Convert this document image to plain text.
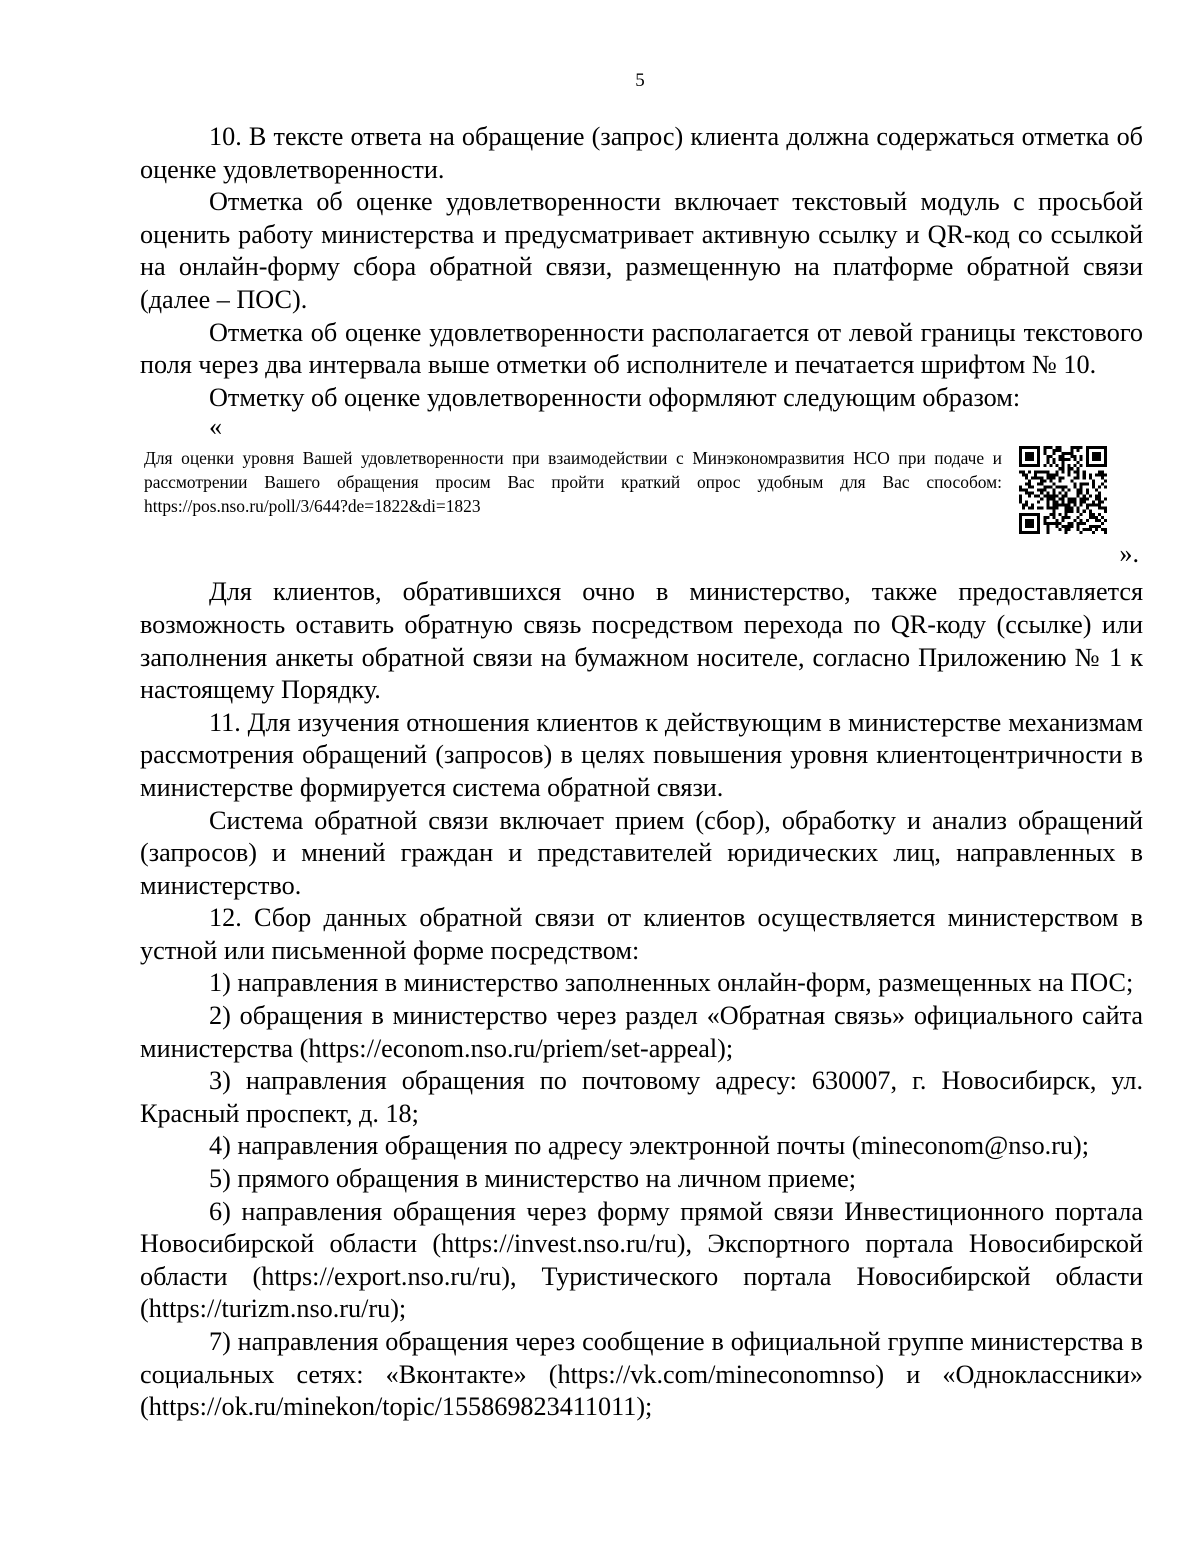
5

10. В тексте ответа на обращение (запрос) клиента должна содержаться отметка об оценке удовлетворенности.

Отметка об оценке удовлетворенности включает текстовый модуль с просьбой оценить работу министерства и предусматривает активную ссылку и QR-код со ссылкой на онлайн-форму сбора обратной связи, размещенную на платформе обратной связи (далее – ПОС).

Отметка об оценке удовлетворенности располагается от левой границы текстового поля через два интервала выше отметки об исполнителе и печатается шрифтом № 10.

Отметку об оценке удовлетворенности оформляют следующим образом:

«

Для оценки уровня Вашей удовлетворенности при взаимодействии с Минэкономразвития НСО при подаче и рассмотрении Вашего обращения просим Вас пройти краткий опрос удобным для Вас способом: https://pos.nso.ru/poll/3/644?de=1822&di=1823

».

Для клиентов, обратившихся очно в министерство, также предоставляется возможность оставить обратную связь посредством перехода по QR-коду (ссылке) или заполнения анкеты обратной связи на бумажном носителе, согласно Приложению № 1 к настоящему Порядку.

11. Для изучения отношения клиентов к действующим в министерстве механизмам рассмотрения обращений (запросов) в целях повышения уровня клиентоцентричности в министерстве формируется система обратной связи.

Система обратной связи включает прием (сбор), обработку и анализ обращений (запросов) и мнений граждан и представителей юридических лиц, направленных в министерство.

12. Сбор данных обратной связи от клиентов осуществляется министерством в устной или письменной форме посредством:

1) направления в министерство заполненных онлайн-форм, размещенных на ПОС;

2) обращения в министерство через раздел «Обратная связь» официального сайта министерства (https://econom.nso.ru/priem/set-appeal);

3) направления обращения по почтовому адресу: 630007, г. Новосибирск, ул. Красный проспект, д. 18;

4) направления обращения по адресу электронной почты (mineconom@nso.ru);

5) прямого обращения в министерство на личном приеме;

6) направления обращения через форму прямой связи Инвестиционного портала Новосибирской области (https://invest.nso.ru/ru), Экспортного портала Новосибирской области (https://export.nso.ru/ru), Туристического портала Новосибирской области (https://turizm.nso.ru/ru);

7) направления обращения через сообщение в официальной группе министерства в социальных сетях: «Вконтакте» (https://vk.com/mineconomnso) и «Одноклассники» (https://ok.ru/minekon/topic/155869823411011);
